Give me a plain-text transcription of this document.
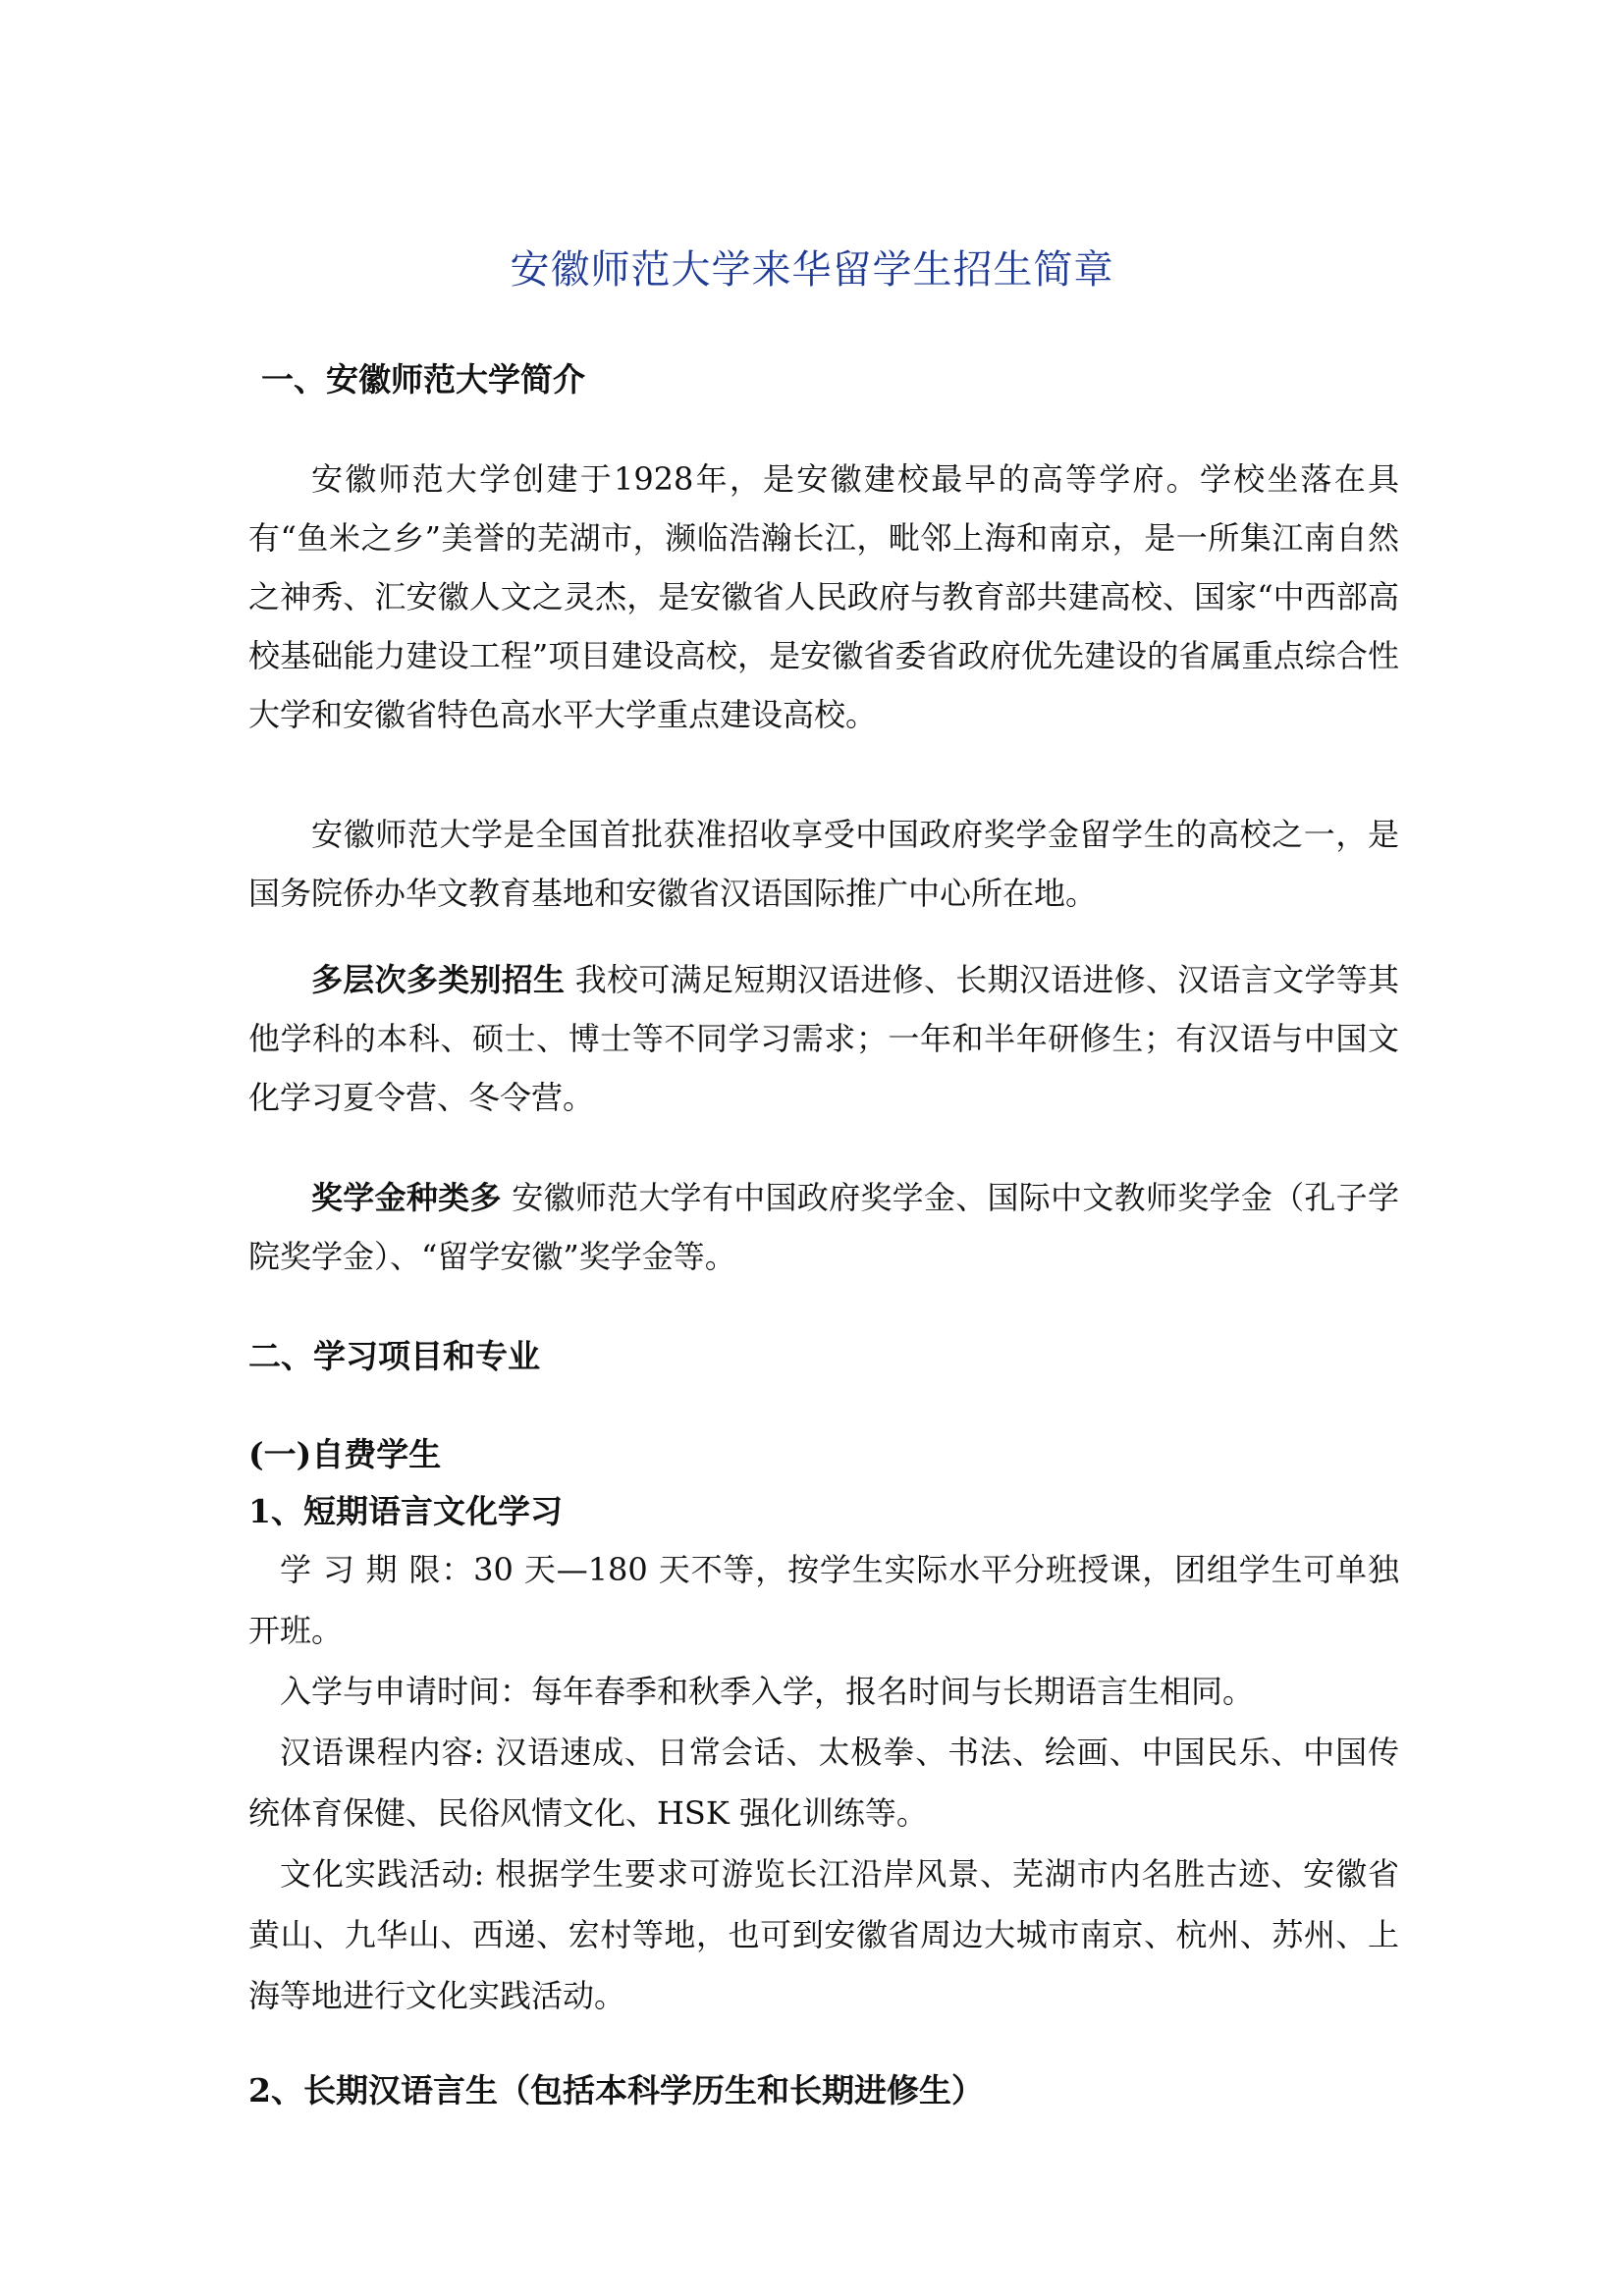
安徽师范大学来华留学生招生简章
一、安徽师范大学简介
安徽师范大学创建于1928年，是安徽建校最早的高等学府。学校坐落在具有“鱼米之乡”美誉的芜湖市，濒临浩瀚长江，毗邻上海和南京，是一所集江南自然之神秀、汇安徽人文之灵杰，是安徽省人民政府与教育部共建高校、国家“中西部高校基础能力建设工程”项目建设高校，是安徽省委省政府优先建设的省属重点综合性大学和安徽省特色高水平大学重点建设高校。
安徽师范大学是全国首批获准招收享受中国政府奖学金留学生的高校之一，是国务院侨办华文教育基地和安徽省汉语国际推广中心所在地。
多层次多类别招生 我校可满足短期汉语进修、长期汉语进修、汉语言文学等其他学科的本科、硕士、博士等不同学习需求；一年和半年研修生；有汉语与中国文化学习夏令营、冬令营。
奖学金种类多 安徽师范大学有中国政府奖学金、国际中文教师奖学金（孔子学院奖学金）、“留学安徽”奖学金等。
二、学习项目和专业
(一)自费学生
1、短期语言文化学习
学 习 期 限：30 天—180 天不等，按学生实际水平分班授课，团组学生可单独开班。
入学与申请时间：每年春季和秋季入学，报名时间与长期语言生相同。
汉语课程内容: 汉语速成、日常会话、太极拳、书法、绘画、中国民乐、中国传统体育保健、民俗风情文化、HSK 强化训练等。
文化实践活动: 根据学生要求可游览长江沿岸风景、芜湖市内名胜古迹、安徽省黄山、九华山、西递、宏村等地，也可到安徽省周边大城市南京、杭州、苏州、上海等地进行文化实践活动。
2、长期汉语言生（包括本科学历生和长期进修生）
